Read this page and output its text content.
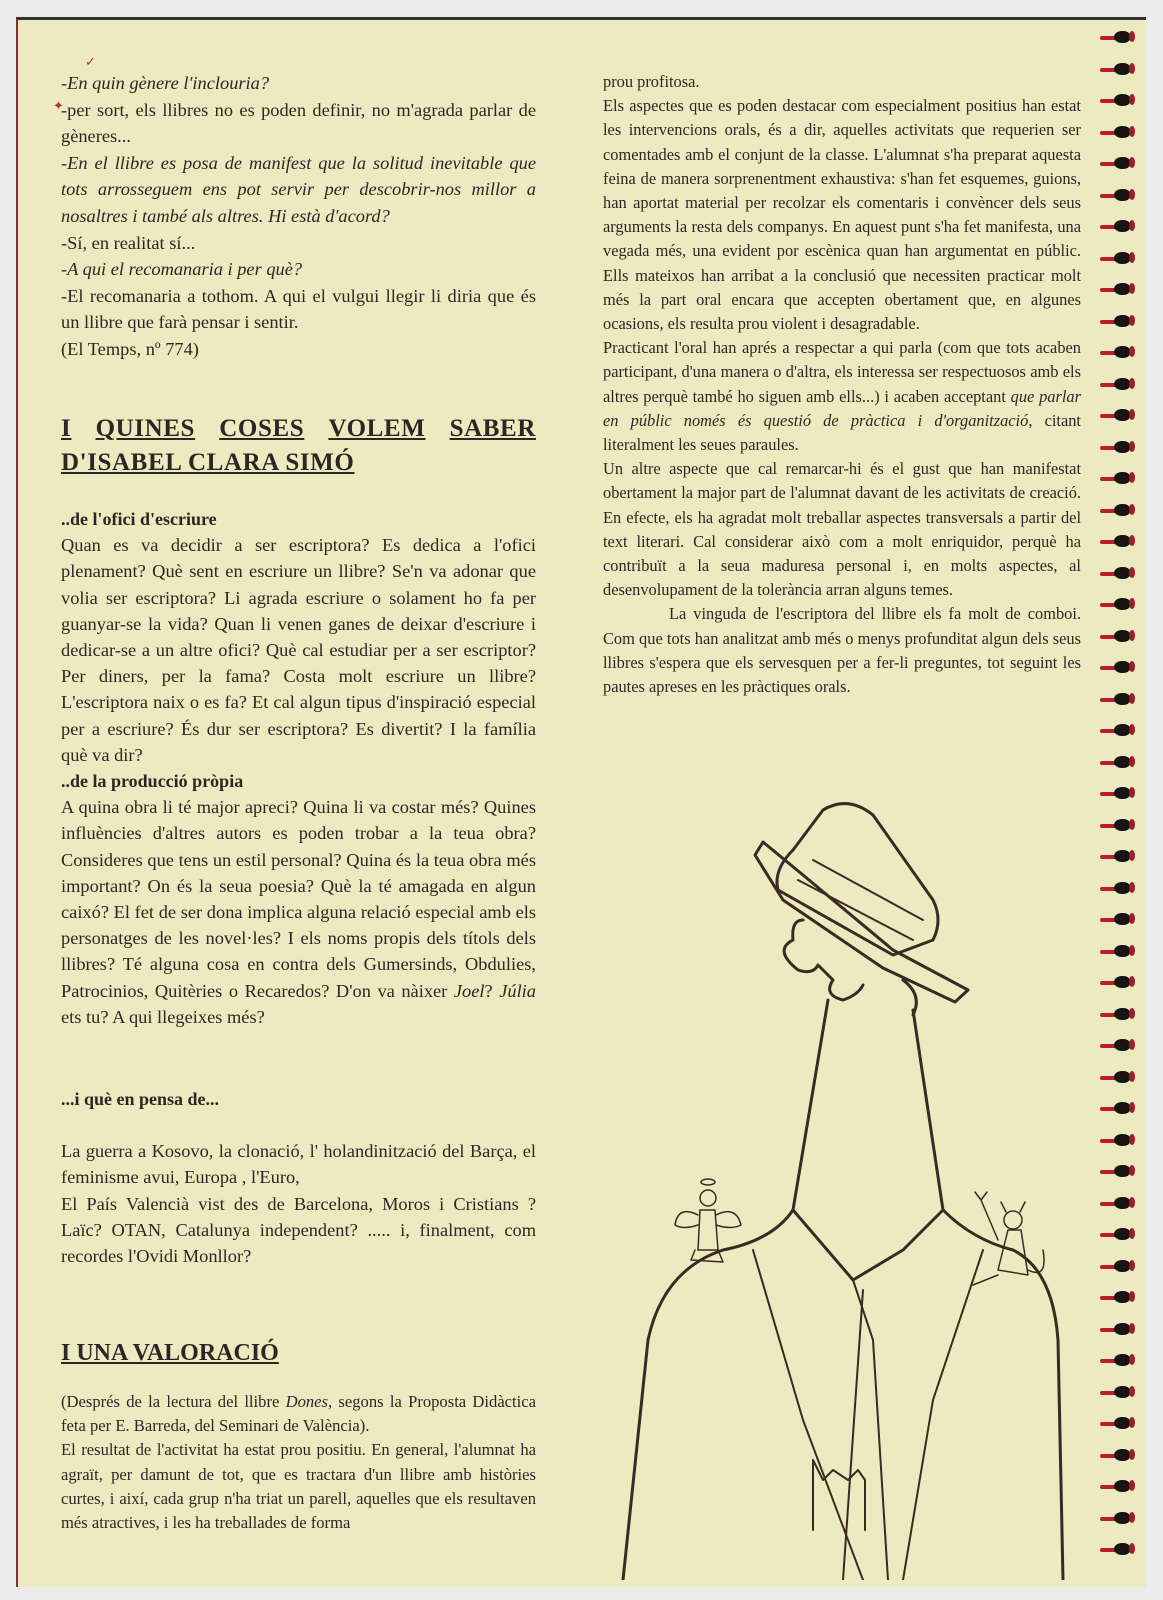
✓
✦

-En quin gènere l'inclouria?

-per sort, els llibres no es poden definir, no m'agrada parlar de gèneres...

-En el llibre es posa de manifest que la solitud inevitable que tots arrosseguem ens pot servir per descobrir-nos millor a nosaltres i també als altres. Hi està d'acord?

-Sí, en realitat sí...

-A qui el recomanaria i per què?

-El recomanaria a tothom. A qui el vulgui llegir li diria que és un llibre que farà pensar i sentir.

(El Temps, nº 774)

I QUINES COSES VOLEM SABER
D'ISABEL CLARA SIMÓ
..de l'ofici d'escriure

Quan es va decidir a ser escriptora? Es dedica a l'ofici plenament? Què sent en escriure un llibre? Se'n va adonar que volia ser escriptora? Li agrada escriure o solament ho fa per guanyar-se la vida? Quan li venen ganes de deixar d'escriure i dedicar-se a un altre ofici? Què cal estudiar per a ser escriptor? Per diners, per la fama? Costa molt escriure un llibre? L'escriptora naix o es fa? Et cal algun tipus d'inspiració especial per a escriure? És dur ser escriptora? Es divertit? I la família què va dir?

..de la producció pròpia

A quina obra li té major apreci? Quina li va costar més? Quines influències d'altres autors es poden trobar a la teua obra? Consideres que tens un estil personal? Quina és la teua obra més important? On és la seua poesia? Què la té amagada en algun caixó? El fet de ser dona implica alguna relació especial amb els personatges de les novel·les? I els noms propis dels títols dels llibres? Té alguna cosa en contra dels Gumersinds, Obdulies, Patrocinios, Quitèries o Recaredos? D'on va nàixer Joel? Júlia ets tu? A qui llegeixes més?

...i què en pensa de...

La guerra a Kosovo, la clonació, l' holandinització del Barça, el feminisme avui, Europa , l'Euro,

El País Valencià vist des de Barcelona, Moros i Cristians ? Laïc? OTAN, Catalunya independent? ..... i, finalment, com recordes l'Ovidi Monllor?

I UNA VALORACIÓ

(Després de la lectura del llibre Dones, segons la Proposta Didàctica feta per E. Barreda, del Seminari de València).

El resultat de l'activitat ha estat prou positiu. En general, l'alumnat ha agraït, per damunt de tot, que es tractara d'un llibre amb històries curtes, i així, cada grup n'ha triat un parell, aquelles que els resultaven més atractives, i les ha treballades de forma

prou profitosa.

Els aspectes que es poden destacar com especialment positius han estat les intervencions orals, és a dir, aquelles activitats que requerien ser comentades amb el conjunt de la classe. L'alumnat s'ha preparat aquesta feina de manera sorprenentment exhaustiva: s'han fet esquemes, guions, han aportat material per recolzar els comentaris i convèncer dels seus arguments la resta dels companys. En aquest punt s'ha fet manifesta, una vegada més, una evident por escènica quan han argumentat en públic. Ells mateixos han arribat a la conclusió que necessiten practicar molt més la part oral encara que accepten obertament que, en algunes ocasions, els resulta prou violent i desagradable.

Practicant l'oral han aprés a respectar a qui parla (com que tots acaben participant, d'una manera o d'altra, els interessa ser respectuosos amb els altres perquè també ho siguen amb ells...) i acaben acceptant que parlar en públic només és questió de pràctica i d'organització, citant literalment les seues paraules.

Un altre aspecte que cal remarcar-hi és el gust que han manifestat obertament la major part de l'alumnat davant de les activitats de creació. En efecte, els ha agradat molt treballar aspectes transversals a partir del text literari. Cal considerar això com a molt enriquidor, perquè ha contribuït a la seua maduresa personal i, en molts aspectes, al desenvolupament de la tolerància arran alguns temes.

La vinguda de l'escriptora del llibre els fa molt de comboi. Com que tots han analitzat amb més o menys profunditat algun dels seus llibres s'espera que els servesquen per a fer-li preguntes, tot seguint les pautes apreses en les pràctiques orals.
